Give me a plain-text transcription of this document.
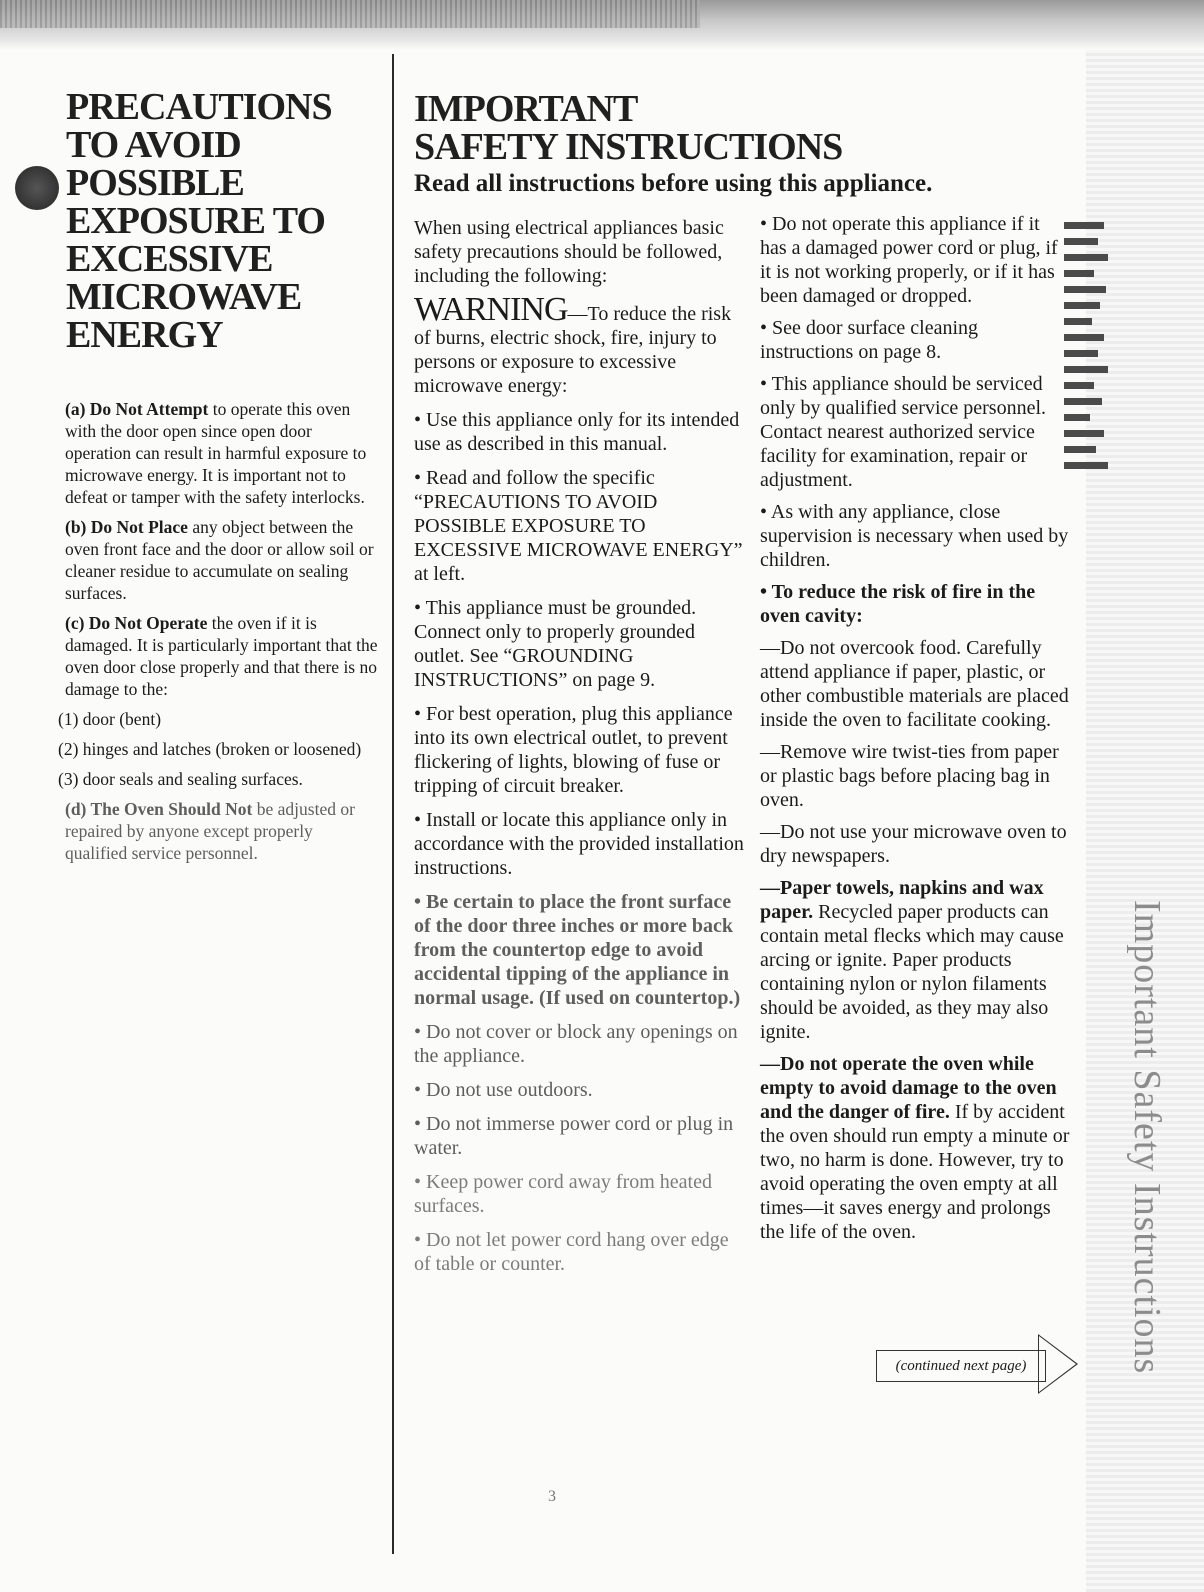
Important Safety Instructions
PRECAUTIONS
TO AVOID
POSSIBLE
EXPOSURE TO
EXCESSIVE
MICROWAVE
ENERGY
(a) Do Not Attempt to operate this oven with the door open since open door operation can result in harmful exposure to microwave energy. It is important not to defeat or tamper with the safety interlocks.
(b) Do Not Place any object between the oven front face and the door or allow soil or cleaner residue to accumulate on sealing surfaces.
(c) Do Not Operate the oven if it is damaged. It is particularly important that the oven door close properly and that there is no damage to the:
(1) door (bent)
(2) hinges and latches (broken or loosened)
(3) door seals and sealing surfaces.
(d) The Oven Should Not be adjusted or repaired by anyone except properly qualified service personnel.
IMPORTANT
SAFETY INSTRUCTIONS
Read all instructions before using this appliance.
When using electrical appliances basic safety precautions should be followed, including the following:
WARNING—To reduce the risk of burns, electric shock, fire, injury to persons or exposure to excessive microwave energy:
• Use this appliance only for its intended use as described in this manual.
• Read and follow the specific “PRECAUTIONS TO AVOID POSSIBLE EXPOSURE TO EXCESSIVE MICROWAVE ENERGY” at left.
• This appliance must be grounded. Connect only to properly grounded outlet. See “GROUNDING INSTRUCTIONS” on page 9.
• For best operation, plug this appliance into its own electrical outlet, to prevent flickering of lights, blowing of fuse or tripping of circuit breaker.
• Install or locate this appliance only in accordance with the provided installation instructions.
• Be certain to place the front surface of the door three inches or more back from the countertop edge to avoid accidental tipping of the appliance in normal usage. (If used on countertop.)
• Do not cover or block any openings on the appliance.
• Do not use outdoors.
• Do not immerse power cord or plug in water.
• Keep power cord away from heated surfaces.
• Do not let power cord hang over edge of table or counter.
• Do not operate this appliance if it has a damaged power cord or plug, if it is not working properly, or if it has been damaged or dropped.
• See door surface cleaning instructions on page 8.
• This appliance should be serviced only by qualified service personnel. Contact nearest authorized service facility for examination, repair or adjustment.
• As with any appliance, close supervision is necessary when used by children.
• To reduce the risk of fire in the oven cavity:
—Do not overcook food. Carefully attend appliance if paper, plastic, or other combustible materials are placed inside the oven to facilitate cooking.
—Remove wire twist-ties from paper or plastic bags before placing bag in oven.
—Do not use your microwave oven to dry newspapers.
—Paper towels, napkins and wax paper. Recycled paper products can contain metal flecks which may cause arcing or ignite. Paper products containing nylon or nylon filaments should be avoided, as they may also ignite.
—Do not operate the oven while empty to avoid damage to the oven and the danger of fire. If by accident the oven should run empty a minute or two, no harm is done. However, try to avoid operating the oven empty at all times—it saves energy and prolongs the life of the oven.
(continued next page)
3
